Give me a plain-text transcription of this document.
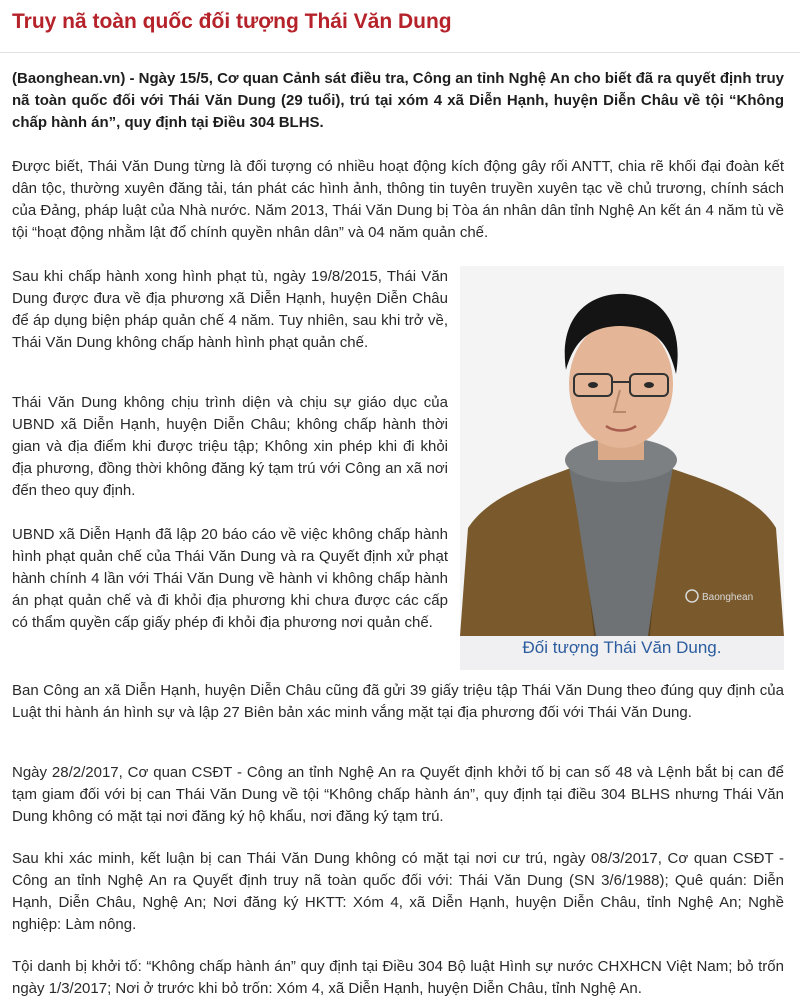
Truy nã toàn quốc đối tượng Thái Văn Dung

(Baonghean.vn) - Ngày 15/5, Cơ quan Cảnh sát điều tra, Công an tỉnh Nghệ An cho biết đã ra quyết định truy nã toàn quốc đối với Thái Văn Dung (29 tuổi), trú tại xóm 4 xã Diễn Hạnh, huyện Diễn Châu về tội “Không chấp hành án”, quy định tại Điều 304 BLHS.

Được biết, Thái Văn Dung từng là đối tượng có nhiều hoạt động kích động gây rối ANTT, chia rẽ khối đại đoàn kết dân tộc, thường xuyên đăng tải, tán phát các hình ảnh, thông tin tuyên truyền xuyên tạc về chủ trương, chính sách của Đảng, pháp luật của Nhà nước. Năm 2013, Thái Văn Dung bị Tòa án nhân dân tỉnh Nghệ An kết án 4 năm tù về tội “hoạt động nhằm lật đổ chính quyền nhân dân” và 04 năm quản chế.

Sau khi chấp hành xong hình phạt tù, ngày 19/8/2015, Thái Văn Dung được đưa về địa phương xã Diễn Hạnh, huyện Diễn Châu để áp dụng biện pháp quản chế 4 năm. Tuy nhiên, sau khi trở về, Thái Văn Dung không chấp hành hình phạt quản chế.

Thái Văn Dung không chịu trình diện và chịu sự giáo dục của UBND xã Diễn Hạnh, huyện Diễn Châu; không chấp hành thời gian và địa điểm khi được triệu tập; Không xin phép khi đi khỏi địa phương, đồng thời không đăng ký tạm trú với Công an xã nơi đến theo quy định.

UBND xã Diễn Hạnh đã lập 20 báo cáo về việc không chấp hành hình phạt quản chế của Thái Văn Dung và ra Quyết định xử phạt hành chính 4 lần với Thái Văn Dung về hành vi không chấp hành án phạt quản chế và đi khỏi địa phương khi chưa được các cấp có thẩm quyền cấp giấy phép đi khỏi địa phương nơi quản chế.

Ban Công an xã Diễn Hạnh, huyện Diễn Châu cũng đã gửi 39 giấy triệu tập Thái Văn Dung theo đúng quy định của Luật thi hành án hình sự và lập 27 Biên bản xác minh vắng mặt tại địa phương đối với Thái Văn Dung.

Ngày 28/2/2017, Cơ quan CSĐT - Công an tỉnh Nghệ An ra Quyết định khởi tố bị can số 48 và Lệnh bắt bị can để tạm giam đối với bị can Thái Văn Dung về tội “Không chấp hành án”, quy định tại điều 304 BLHS nhưng Thái Văn Dung không có mặt tại nơi đăng ký hộ khẩu, nơi đăng ký tạm trú.

Sau khi xác minh, kết luận bị can Thái Văn Dung không có mặt tại nơi cư trú, ngày 08/3/2017, Cơ quan CSĐT - Công an tỉnh Nghệ An ra Quyết định truy nã toàn quốc đối với: Thái Văn Dung (SN 3/6/1988); Quê quán: Diễn Hạnh, Diễn Châu, Nghệ An; Nơi đăng ký HKTT: Xóm 4, xã Diễn Hạnh, huyện Diễn Châu, tỉnh Nghệ An; Nghề nghiệp: Làm nông.

Tội danh bị khởi tố: “Không chấp hành án” quy định tại Điều 304 Bộ luật Hình sự nước CHXHCN Việt Nam; bỏ trốn ngày 1/3/2017; Nơi ở trước khi bỏ trốn: Xóm 4, xã Diễn Hạnh, huyện Diễn Châu, tỉnh Nghệ An.

Baonghean
Đối tượng Thái Văn Dung.
